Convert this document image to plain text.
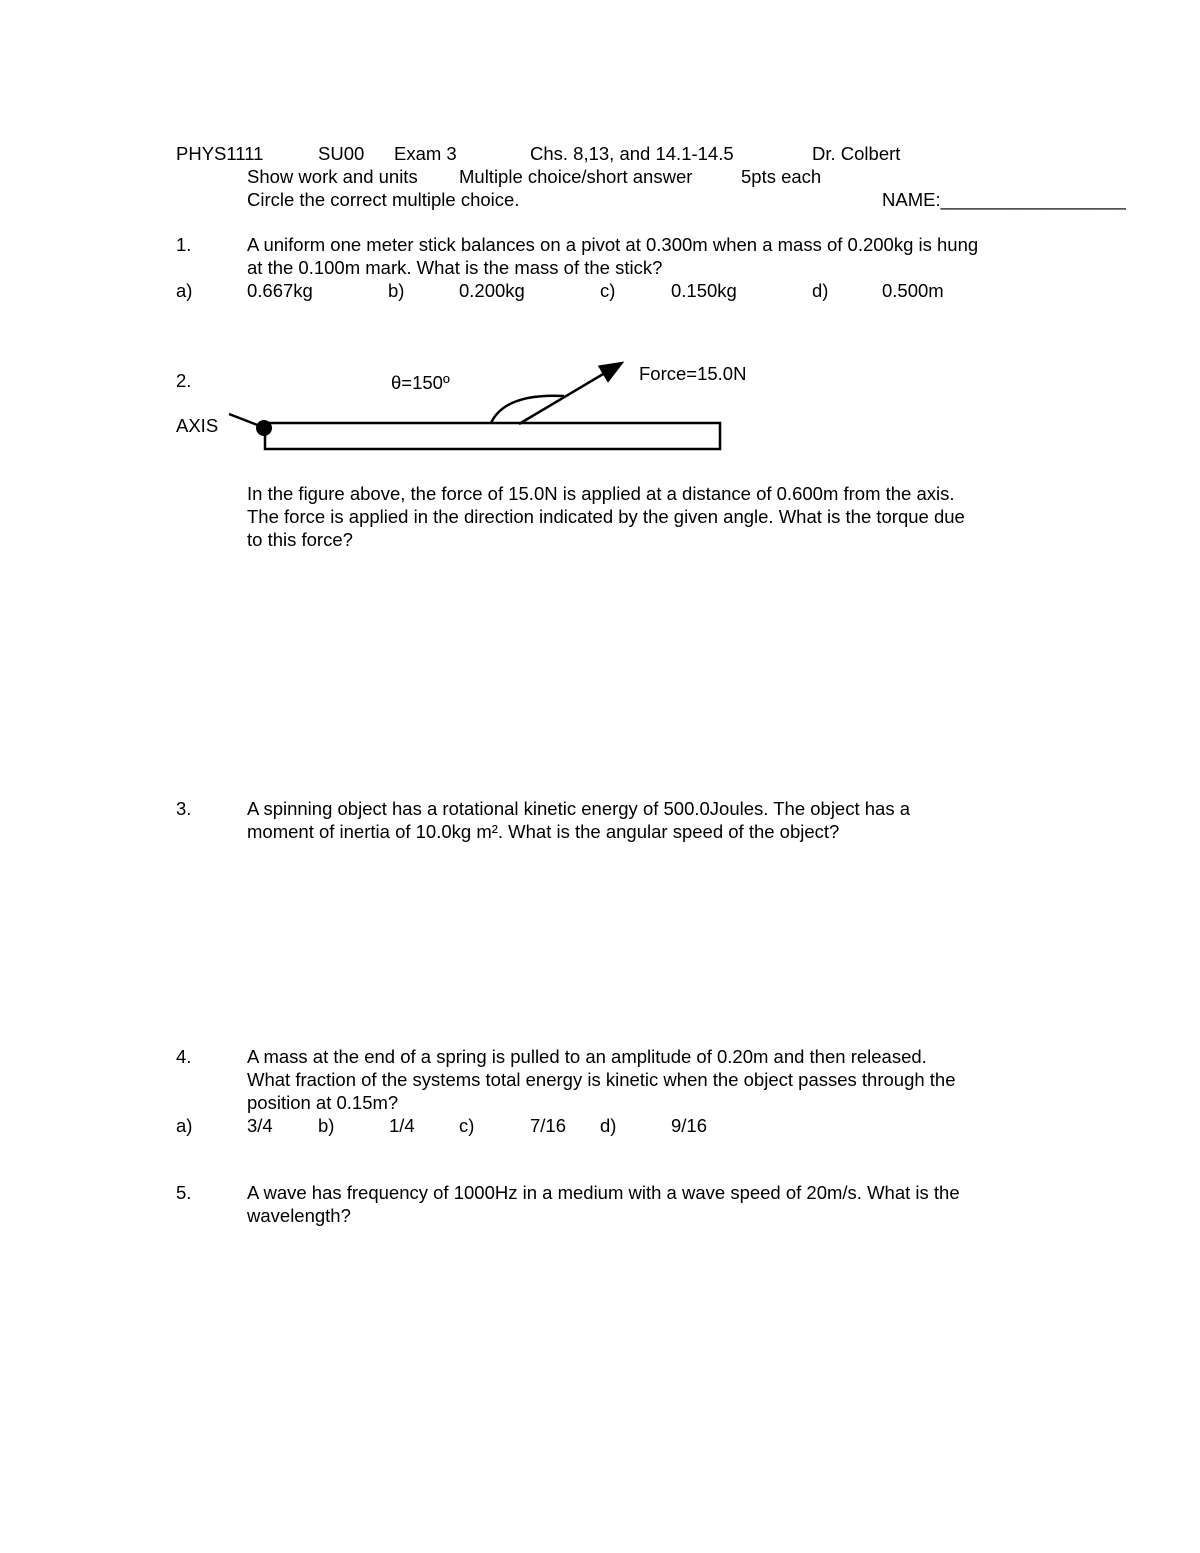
PHYS1111	SU00 Exam 3	Chs. 8,13, and 14.1-14.5	Dr. Colbert
Show work and units Multiple choice/short answer	5pts each
Circle the correct multiple choice.	NAME:__________________
1.	A uniform one meter stick balances on a pivot at 0.300m when a mass of 0.200kg is hung
at the 0.100m mark. What is the mass of the stick?
a)	0.667kg	b)	0.200kg	c)	0.150kg	d)	0.500m
2.	θ=150º	Force=15.0N
AXIS
In the figure above, the force of 15.0N is applied at a distance of 0.600m from the axis.
The force is applied in the direction indicated by the given angle. What is the torque due
to this force?
3.	A spinning object has a rotational kinetic energy of 500.0Joules. The object has a
moment of inertia of 10.0kg m². What is the angular speed of the object?
4.	A mass at the end of a spring is pulled to an amplitude of 0.20m and then released.
What fraction of the systems total energy is kinetic when the object passes through the
position at 0.15m?
a)	3/4 b)	1/4 c)	7/16 d)	9/16
5.	A wave has frequency of 1000Hz in a medium with a wave speed of 20m/s. What is the
wavelength?
